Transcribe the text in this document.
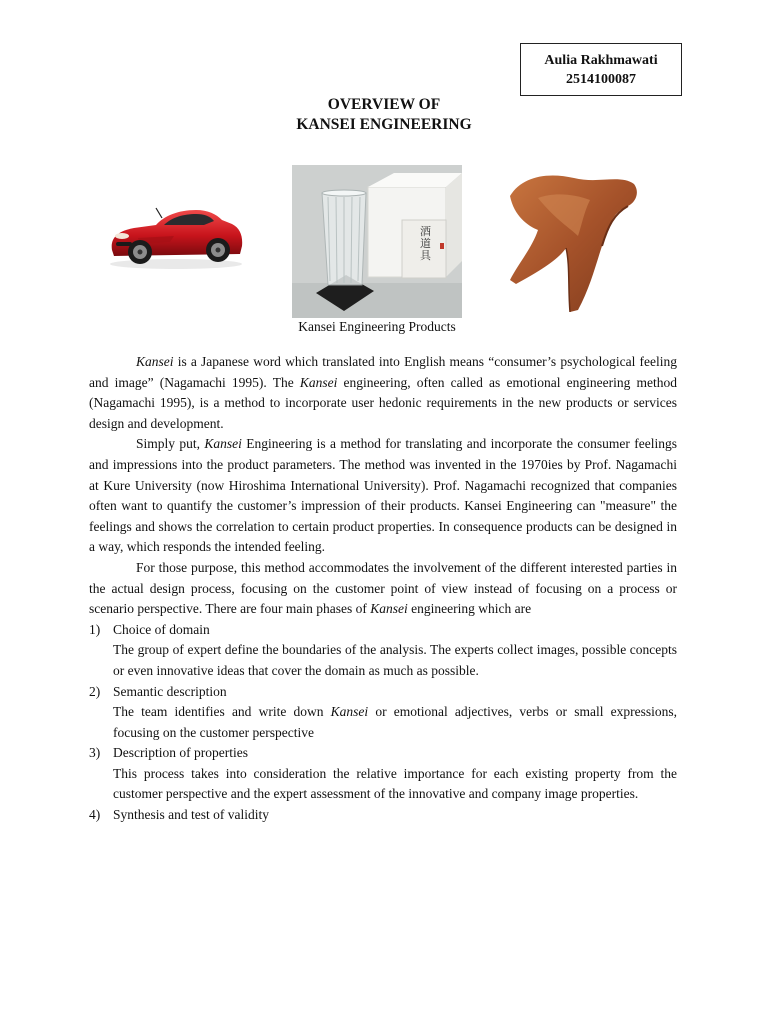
Aulia Rakhmawati
2514100087
OVERVIEW OF
KANSEI ENGINEERING
酒道具
Kansei Engineering Products

Kansei is a Japanese word which translated into English means “consumer’s psychological feeling and image” (Nagamachi 1995). The Kansei engineering, often called as emotional engineering method (Nagamachi 1995), is a method to incorporate user hedonic requirements in the new products or services design and development.

Simply put, Kansei Engineering is a method for translating and incorporate the consumer feelings and impressions into the product parameters. The method was invented in the 1970ies by Prof. Nagamachi at Kure University (now Hiroshima International University). Prof. Nagamachi recognized that companies often want to quantify the customer’s impression of their products. Kansei Engineering can "measure" the feelings and shows the correlation to certain product properties. In consequence products can be designed in a way, which responds the intended feeling.

For those purpose, this method accommodates the involvement of the different interested parties in the actual design process, focusing on the customer point of view instead of focusing on a process or scenario perspective. There are four main phases of Kansei engineering which are

1) Choice of domain
The group of expert define the boundaries of the analysis. The experts collect images, possible concepts or even innovative ideas that cover the domain as much as possible.
2) Semantic description
The team identifies and write down Kansei or emotional adjectives, verbs or small expressions, focusing on the customer perspective
3) Description of properties
This process takes into consideration the relative importance for each existing property from the customer perspective and the expert assessment of the innovative and company image properties.
4) Synthesis and test of validity
